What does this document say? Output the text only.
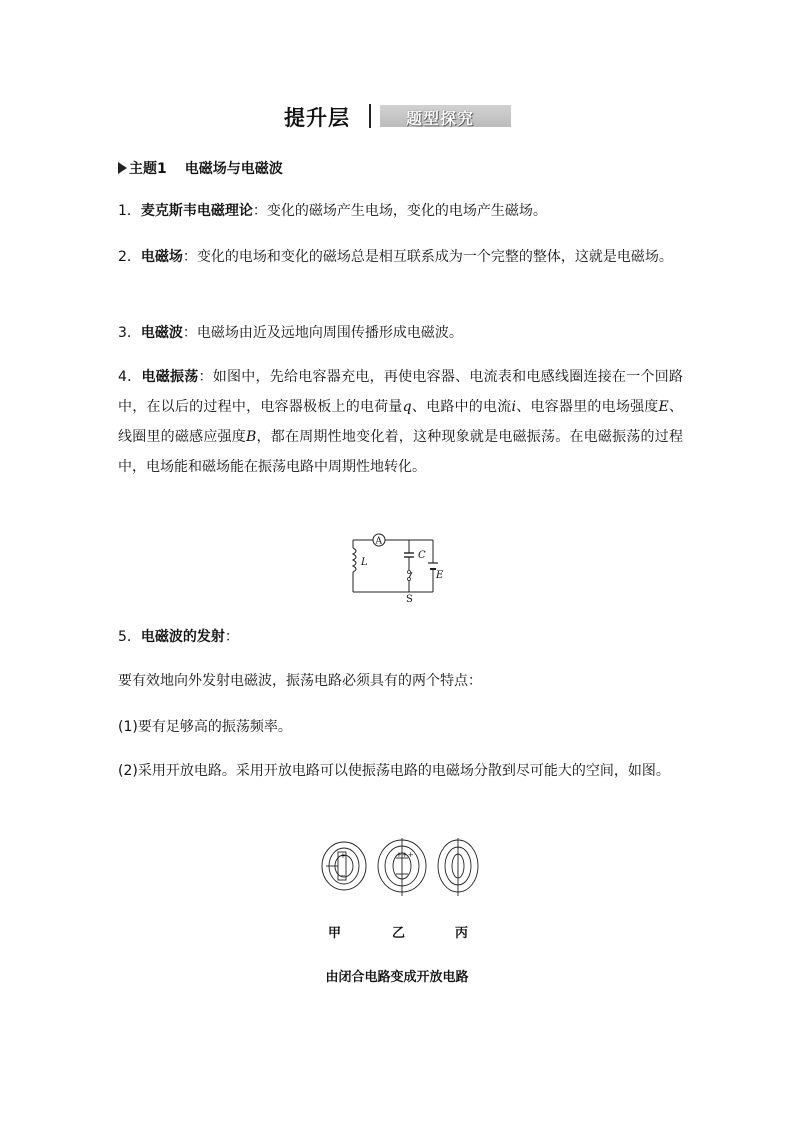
提升层	题型探究
主题1 电磁场与电磁波
1．麦克斯韦电磁理论：变化的磁场产生电场，变化的电场产生磁场。
2．电磁场：变化的电场和变化的磁场总是相互联系成为一个完整的整体，这就是电磁场。
3．电磁波：电磁场由近及远地向周围传播形成电磁波。
4．电磁振荡：如图中，先给电容器充电，再使电容器、电流表和电感线圈连接在一个回路中，在以后的过程中，电容器极板上的电荷量q、电路中的电流i、电容器里的电场强度E、线圈里的磁感应强度B，都在周期性地变化着，这种现象就是电磁振荡。在电磁振荡的过程中，电场能和磁场能在振荡电路中周期性地转化。
A
L
C
E
S
5．电磁波的发射：
要有效地向外发射电磁波，振荡电路必须具有的两个特点：
(1)要有足够高的振荡频率。
(2)采用开放电路。采用开放电路可以使振荡电路的电磁场分散到尽可能大的空间，如图。
+
−
+++
甲	乙	丙
由闭合电路变成开放电路
